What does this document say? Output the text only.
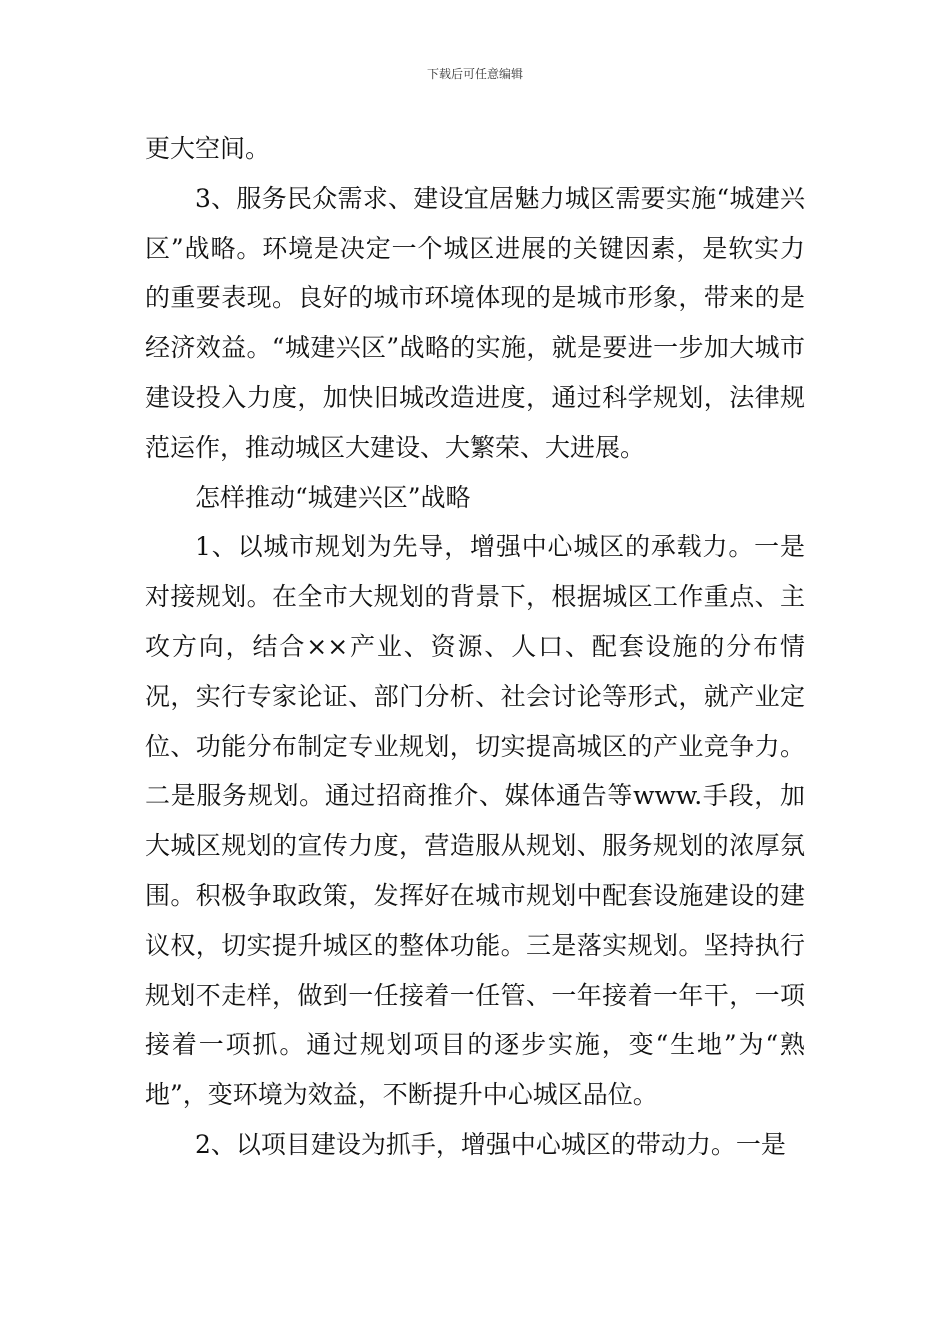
下载后可任意编辑

更大空间。

3、服务民众需求、建设宜居魅力城区需要实施“城建兴区”战略。环境是决定一个城区进展的关键因素，是软实力的重要表现。良好的城市环境体现的是城市形象，带来的是经济效益。“城建兴区”战略的实施，就是要进一步加大城市建设投入力度，加快旧城改造进度，通过科学规划，法律规范运作，推动城区大建设、大繁荣、大进展。

怎样推动“城建兴区”战略

1、以城市规划为先导，增强中心城区的承载力。一是对接规划。在全市大规划的背景下，根据城区工作重点、主攻方向，结合××产业、资源、人口、配套设施的分布情况，实行专家论证、部门分析、社会讨论等形式，就产业定位、功能分布制定专业规划，切实提高城区的产业竞争力。二是服务规划。通过招商推介、媒体通告等www.手段，加大城区规划的宣传力度，营造服从规划、服务规划的浓厚氛围。积极争取政策，发挥好在城市规划中配套设施建设的建议权，切实提升城区的整体功能。三是落实规划。坚持执行规划不走样，做到一任接着一任管、一年接着一年干，一项接着一项抓。通过规划项目的逐步实施，变“生地”为“熟地”，变环境为效益，不断提升中心城区品位。

2、以项目建设为抓手，增强中心城区的带动力。一是
